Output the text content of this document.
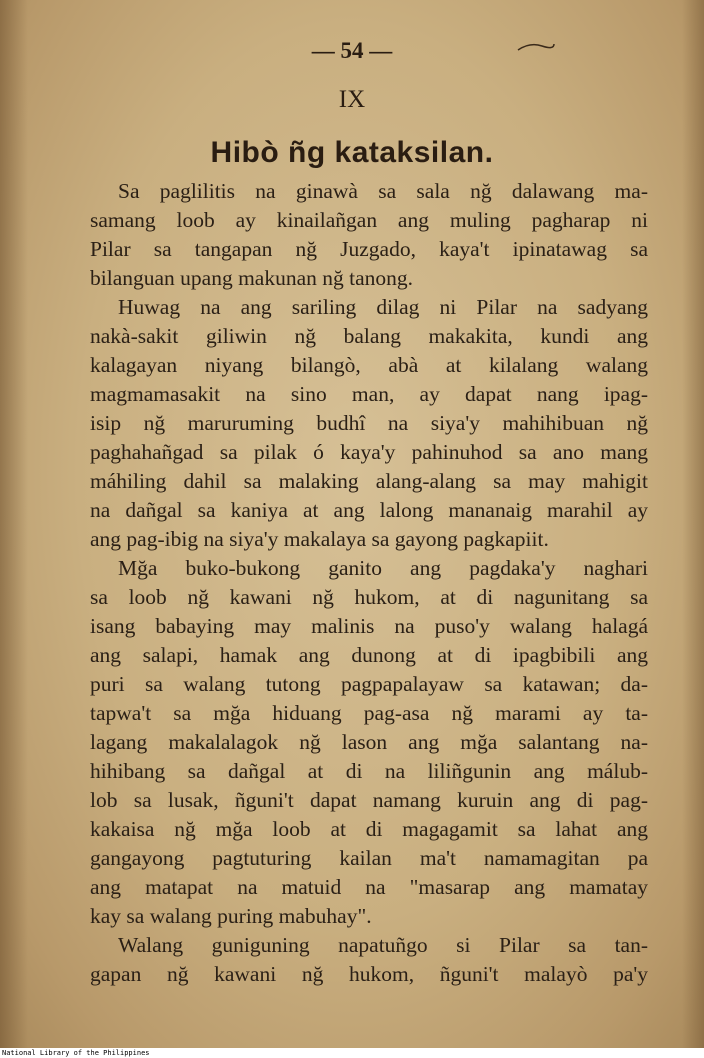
— 54 —
IX
Hibò ñg kataksilan.
Sa paglilitis na ginawà sa sala nğ dalawang ma-
samang loob ay kinailañgan ang muling pagharap ni
Pilar sa tangapan nğ Juzgado, kaya't ipinatawag sa
bilanguan upang makunan nğ tanong.
Huwag na ang sariling dilag ni Pilar na sadyang
nakà-sakit giliwin nğ balang makakita, kundi ang
kalagayan niyang bilangò, abà at kilalang walang
magmamasakit na sino man, ay dapat nang ipag-
isip nğ maruruming budhî na siya'y mahihibuan nğ
paghahañgad sa pilak ó kaya'y pahinuhod sa ano mang
máhiling dahil sa malaking alang-alang sa may mahigit
na dañgal sa kaniya at ang lalong mananaig marahil ay
ang pag-ibig na siya'y makalaya sa gayong pagkapiit.
Mğa buko-bukong ganito ang pagdaka'y naghari
sa loob nğ kawani nğ hukom, at di nagunitang sa
isang babaying may malinis na puso'y walang halagá
ang salapi, hamak ang dunong at di ipagbibili ang
puri sa walang tutong pagpapalayaw sa katawan; da-
tapwa't sa mğa hiduang pag-asa nğ marami ay ta-
lagang makalalagok nğ lason ang mğa salantang na-
hihibang sa dañgal at di na liliñgunin ang málub-
lob sa lusak, ñguni't dapat namang kuruin ang di pag-
kakaisa nğ mğa loob at di magagamit sa lahat ang
gangayong pagtuturing kailan ma't namamagitan pa
ang matapat na matuid na "masarap ang mamatay
kay sa walang puring mabuhay".
Walang guniguning napatuñgo si Pilar sa tan-
gapan nğ kawani nğ hukom, ñguni't malayò pa'y
National Library of the Philippines
